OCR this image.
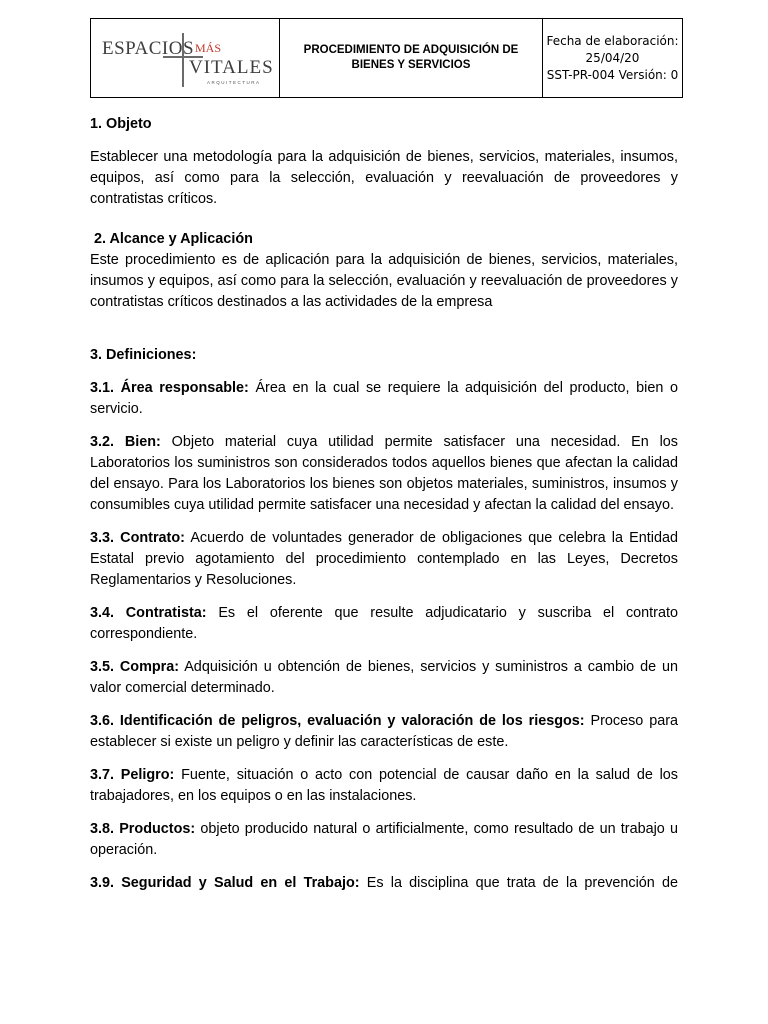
ESPACIOS MÁS
VITALES
ARQUITECTURA

PROCEDIMIENTO DE ADQUISICIÓN DE
BIENES Y SERVICIOS

Fecha de elaboración:
25/04/20
SST-PR-004 Versión: 0

1. Objeto

Establecer una metodología para la adquisición de bienes, servicios, materiales, insumos, equipos, así como para la selección, evaluación y reevaluación de proveedores y contratistas críticos.

2. Alcance y Aplicación

Este procedimiento es de aplicación para la adquisición de bienes, servicios, materiales, insumos y equipos, así como para la selección, evaluación y reevaluación de proveedores y contratistas críticos destinados a las actividades de la empresa

3. Definiciones:

3.1. Área responsable: Área en la cual se requiere la adquisición del producto, bien o servicio.

3.2. Bien: Objeto material cuya utilidad permite satisfacer una necesidad. En los Laboratorios los suministros son considerados todos aquellos bienes que afectan la calidad del ensayo. Para los Laboratorios los bienes son objetos materiales, suministros, insumos y consumibles cuya utilidad permite satisfacer una necesidad y afectan la calidad del ensayo.

3.3. Contrato: Acuerdo de voluntades generador de obligaciones que celebra la Entidad Estatal previo agotamiento del procedimiento contemplado en las Leyes, Decretos Reglamentarios y Resoluciones.

3.4. Contratista: Es el oferente que resulte adjudicatario y suscriba el contrato correspondiente.

3.5. Compra: Adquisición u obtención de bienes, servicios y suministros a cambio de un valor comercial determinado.

3.6. Identificación de peligros, evaluación y valoración de los riesgos: Proceso para establecer si existe un peligro y definir las características de este.

3.7. Peligro: Fuente, situación o acto con potencial de causar daño en la salud de los trabajadores, en los equipos o en las instalaciones.

3.8. Productos: objeto producido natural o artificialmente, como resultado de un trabajo u operación.

3.9. Seguridad y Salud en el Trabajo: Es la disciplina que trata de la prevención de
